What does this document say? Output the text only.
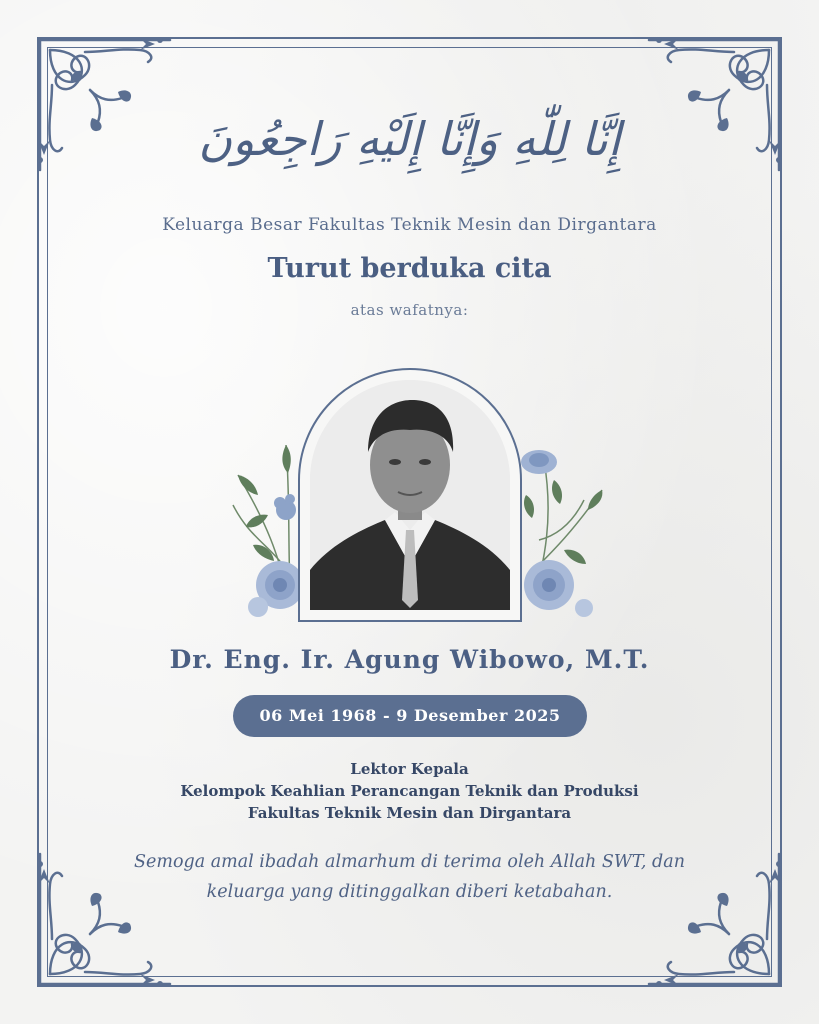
إِنَّا لِلّٰهِ وَإِنَّا إِلَيْهِ رَاجِعُونَ
Keluarga Besar Fakultas Teknik Mesin dan Dirgantara
Turut berduka cita
atas wafatnya:
Dr. Eng. Ir. Agung Wibowo, M.T.
06 Mei 1968 - 9 Desember 2025
Lektor Kepala
Kelompok Keahlian Perancangan Teknik dan Produksi
Fakultas Teknik Mesin dan Dirgantara
Semoga amal ibadah almarhum di terima oleh Allah SWT, dan
keluarga yang ditinggalkan diberi ketabahan.
